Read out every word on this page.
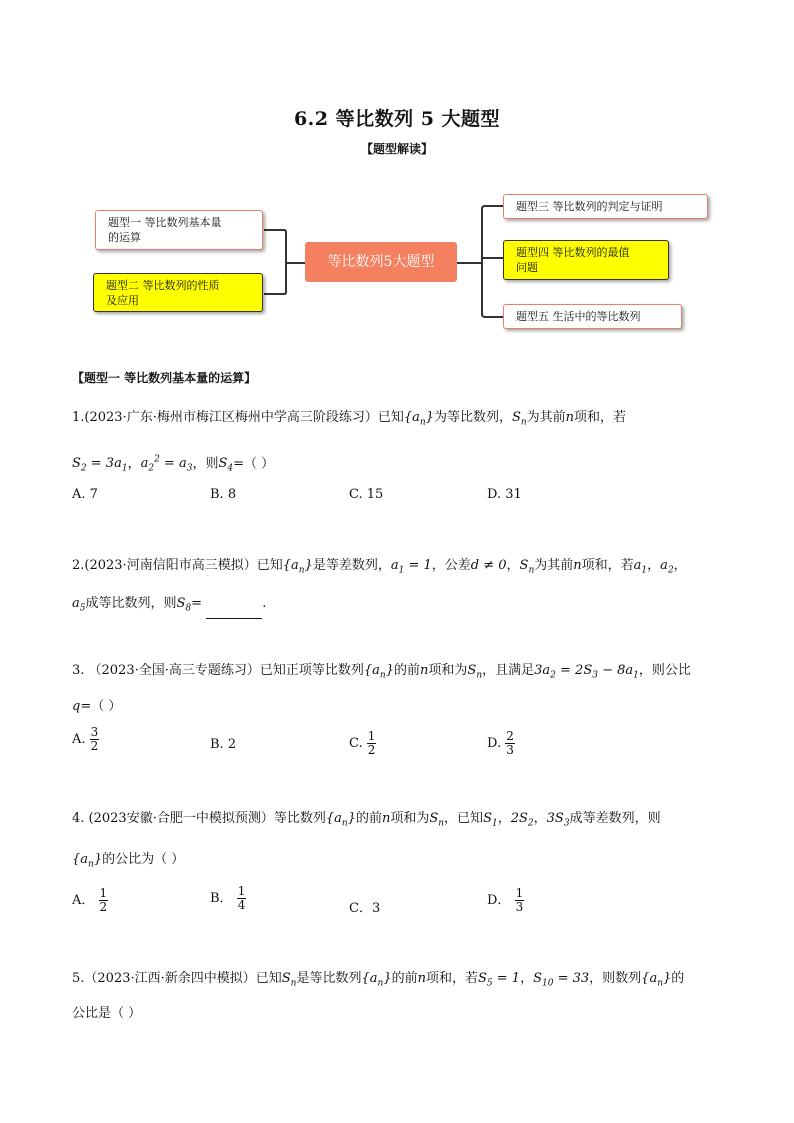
6.2 等比数列 5 大题型
【题型解读】
题型一 等比数列基本量
的运算
题型二 等比数列的性质
及应用
等比数列5大题型
题型三 等比数列的判定与证明
题型四 等比数列的最值
问题
题型五 生活中的等比数列
【题型一 等比数列基本量的运算】
1.(2023·广东·梅州市梅江区梅州中学高三阶段练习）已知$\{a_n\}$为等比数列，$S_n$为其前n项和，若
$S_2 = 3a_1$，$a_2^2 = a_3$，则$S_4=$（ ）
A. 7	B. 8	C. 15	D. 31
2.(2023·河南信阳市高三模拟）已知$\{a_n\}$是等差数列，$a_1 = 1$，公差d ≠ 0，$S_n$为其前n项和，若$a_1$，$a_2$，
$a_5$成等比数列，则$S_8=$	.
3. （2023·全国·高三专题练习）已知正项等比数列$\{a_n\}$的前n项和为$S_n$，且满足$3a_2 = 2S_3 - 8a_1$，则公比
q=（ ）
A. $\frac{3}{2}$	B. 2	C. $\frac{1}{2}$	D. $\frac{2}{3}$
4. (2023安徽·合肥一中模拟预测）等比数列$\{a_n\}$的前n项和为$S_n$，已知$S_1$，$2S_2$，$3S_3$成等差数列，则
$\{a_n\}$的公比为（ ）
A． $\frac{1}{2}$	B． $\frac{1}{4}$	C．3
D． $\frac{1}{3}$
5.（2023·江西·新余四中模拟）已知$S_n$是等比数列$\{a_n\}$的前n项和，若$S_5 = 1$，$S_{10} = 33$，则数列$\{a_n\}$的
公比是（ ）
